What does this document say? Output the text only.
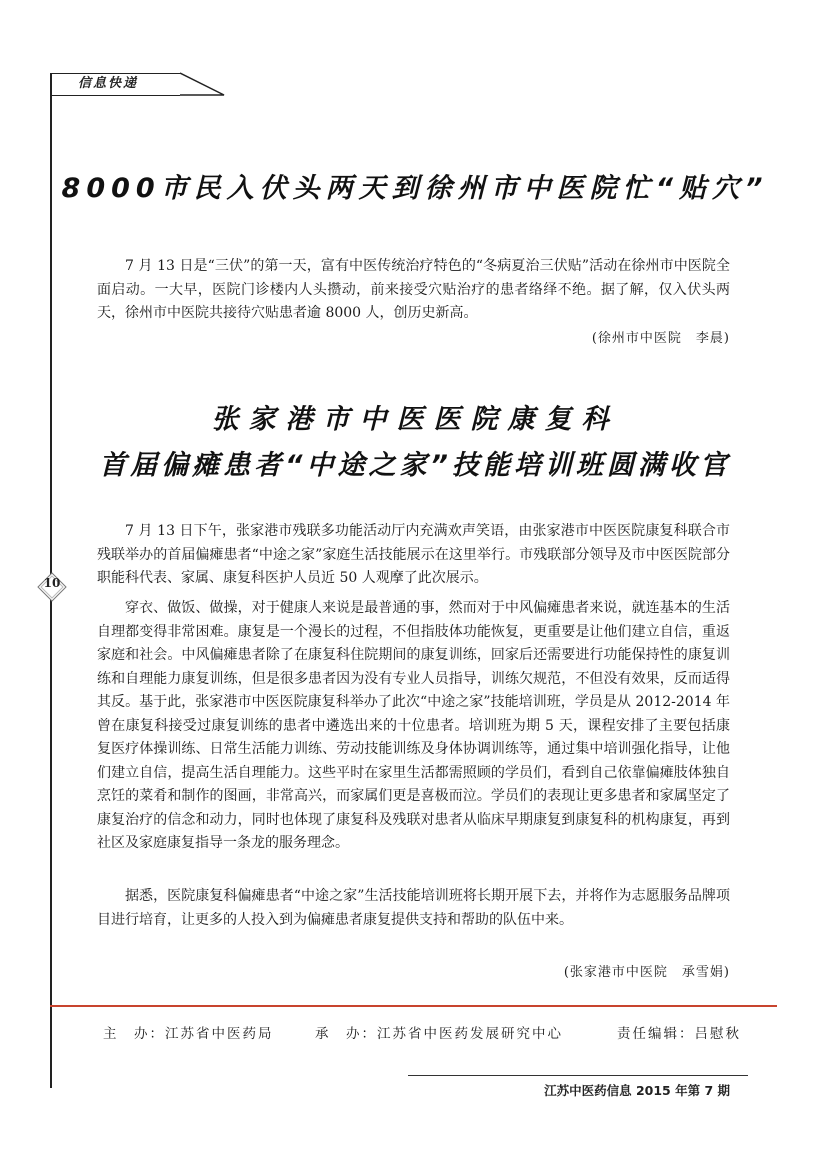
信息快递
8000市民入伏头两天到徐州市中医院忙“贴穴”

7 月 13 日是“三伏”的第一天，富有中医传统治疗特色的“冬病夏治三伏贴”活动在徐州市中医院全面启动。一大早，医院门诊楼内人头攒动，前来接受穴贴治疗的患者络绎不绝。据了解，仅入伏头两天，徐州市中医院共接待穴贴患者逾 8000 人，创历史新高。

(徐州市中医院　李晨)
张家港市中医医院康复科
首届偏瘫患者“中途之家”技能培训班圆满收官

7 月 13 日下午，张家港市残联多功能活动厅内充满欢声笑语，由张家港市中医医院康复科联合市残联举办的首届偏瘫患者“中途之家”家庭生活技能展示在这里举行。市残联部分领导及市中医医院部分职能科代表、家属、康复科医护人员近 50 人观摩了此次展示。

穿衣、做饭、做操，对于健康人来说是最普通的事，然而对于中风偏瘫患者来说，就连基本的生活自理都变得非常困难。康复是一个漫长的过程，不但指肢体功能恢复，更重要是让他们建立自信，重返家庭和社会。中风偏瘫患者除了在康复科住院期间的康复训练，回家后还需要进行功能保持性的康复训练和自理能力康复训练，但是很多患者因为没有专业人员指导，训练欠规范，不但没有效果，反而适得其反。基于此，张家港市中医医院康复科举办了此次“中途之家”技能培训班，学员是从 2012-2014 年曾在康复科接受过康复训练的患者中遴选出来的十位患者。培训班为期 5 天，课程安排了主要包括康复医疗体操训练、日常生活能力训练、劳动技能训练及身体协调训练等，通过集中培训强化指导，让他们建立自信，提高生活自理能力。这些平时在家里生活都需照顾的学员们，看到自己依靠偏瘫肢体独自烹饪的菜肴和制作的图画，非常高兴，而家属们更是喜极而泣。学员们的表现让更多患者和家属坚定了康复治疗的信念和动力，同时也体现了康复科及残联对患者从临床早期康复到康复科的机构康复，再到社区及家庭康复指导一条龙的服务理念。

据悉，医院康复科偏瘫患者“中途之家”生活技能培训班将长期开展下去，并将作为志愿服务品牌项目进行培育，让更多的人投入到为偏瘫患者康复提供支持和帮助的队伍中来。

(张家港市中医院　承雪娟)
10
主　办：江苏省中医药局	承　办：江苏省中医药发展研究中心	责任编辑：吕慰秋
江苏中医药信息 2015 年第 7 期
